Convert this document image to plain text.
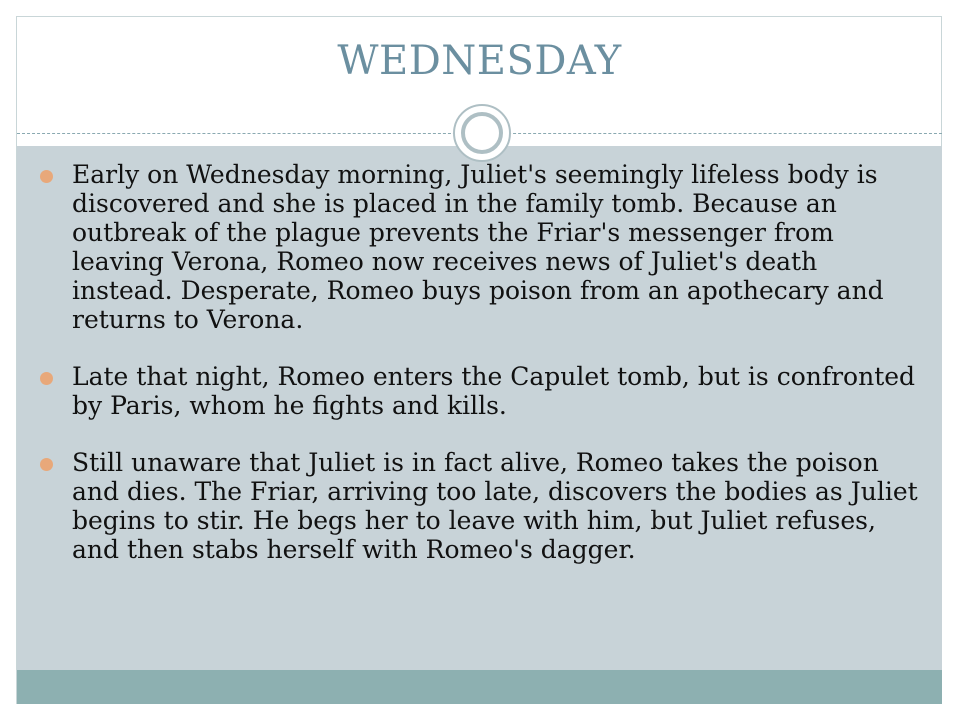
WEDNESDAY
Early on Wednesday morning, Juliet's seemingly lifeless body is discovered and she is placed in the family tomb. Because an outbreak of the plague prevents the Friar's messenger from leaving Verona, Romeo now receives news of Juliet's death instead. Desperate, Romeo buys poison from an apothecary and returns to Verona.
Late that night, Romeo enters the Capulet tomb, but is confronted by Paris, whom he fights and kills.
Still unaware that Juliet is in fact alive, Romeo takes the poison and dies. The Friar, arriving too late, discovers the bodies as Juliet begins to stir. He begs her to leave with him, but Juliet refuses, and then stabs herself with Romeo's dagger.
